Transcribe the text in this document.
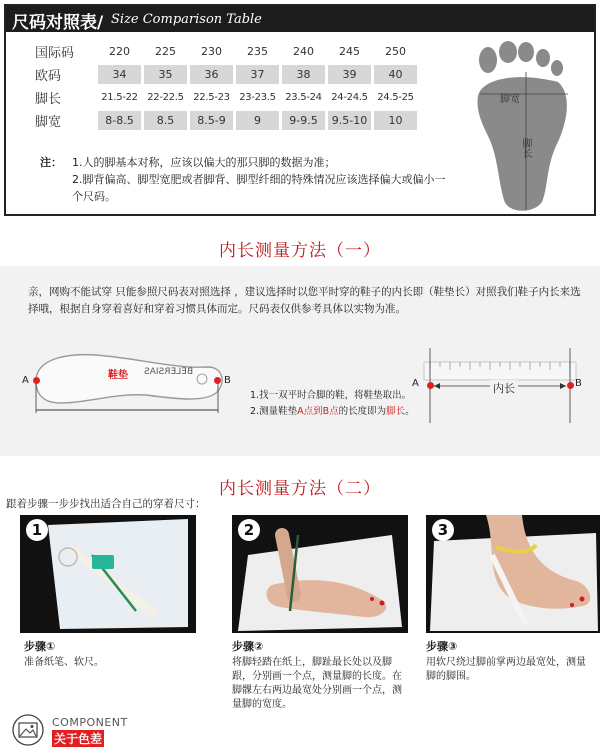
尺码对照表/ Size Comparison Table
国际码	220	225	230	235	240	245	250
欧码	34	35	36	37	38	39	40
脚长	21.5-22	22-22.5	22.5-23	23-23.5	23.5-24	24-24.5	24.5-25
脚宽	8-8.5	8.5	8.5-9	9	9-9.5	9.5-10	10
注： 1.人的脚基本对称，应该以偏大的那只脚的数据为准；
2.脚背偏高、脚型宽肥或者脚背、脚型纤细的特殊情况应该选择偏大或偏小一个尺码。
脚宽
脚长
内长测量方法（一）
亲，网购不能试穿 只能参照尺码表对照选择 ，建议选择时以您平时穿的鞋子的内长即（鞋垫长）对照我们鞋子内长来选择哦，根据自身穿着喜好和穿着习惯具体而定。尺码表仅供参考具体以实物为准。
鞋垫 BELERSIAS
A	B
1.找一双平时合脚的鞋，将鞋垫取出。
2.测量鞋垫A点到B点的长度即为脚长。
内长
A	B
内长测量方法（二）
跟着步骤一步步找出适合自己的穿着尺寸：
1	2	3
步骤①
准备纸笔、软尺。
步骤②
将脚轻踏在纸上，脚趾最长处以及脚跟，分别画一个点，测量脚的长度。在脚髁左右两边最宽处分别画一个点，测量脚的宽度。
步骤③
用软尺绕过脚前掌两边最宽处，测量脚的脚围。
COMPONENT
关于色差
